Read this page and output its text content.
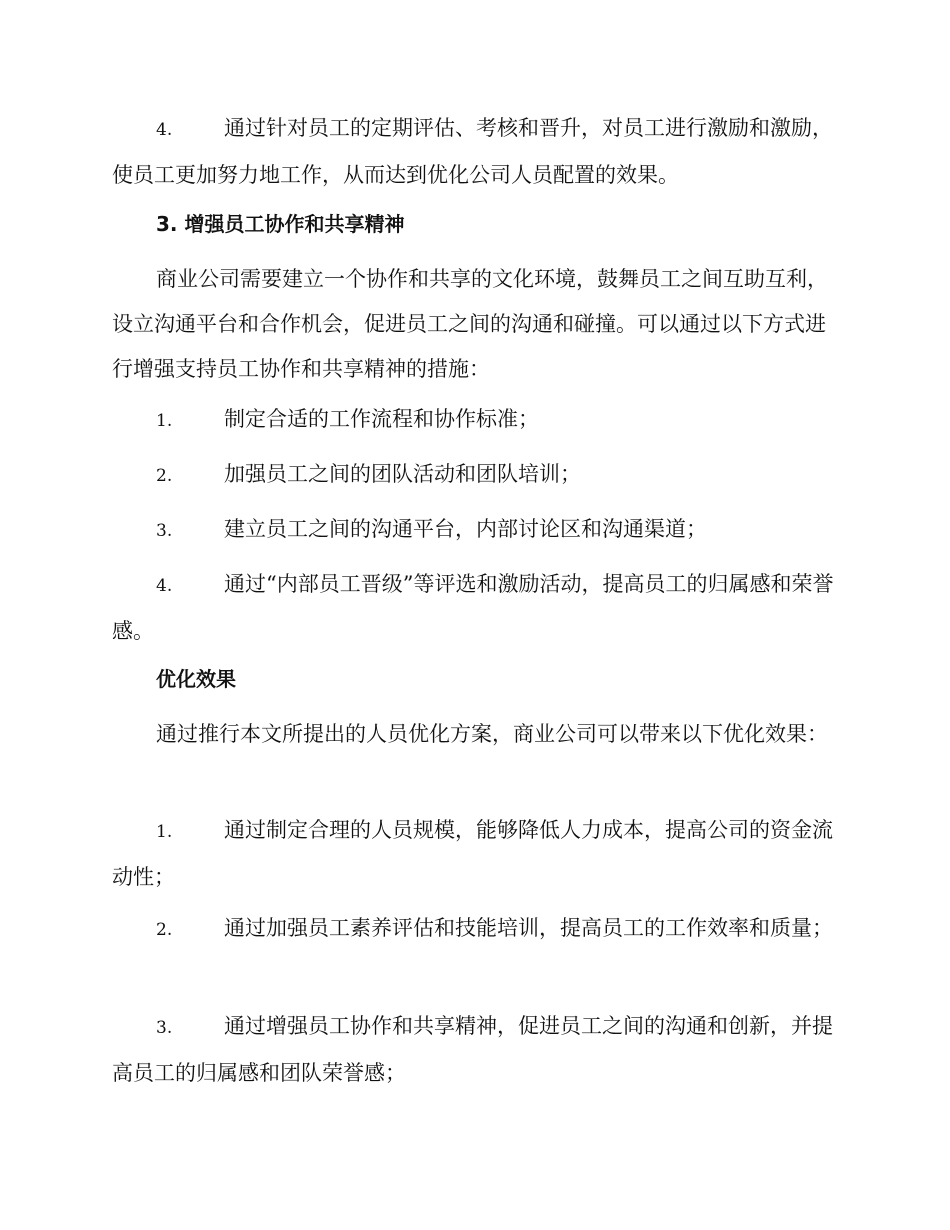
4. 通过针对员工的定期评估、考核和晋升，对员工进行激励和激励，使员工更加努力地工作，从而达到优化公司人员配置的效果。
3. 增强员工协作和共享精神
商业公司需要建立一个协作和共享的文化环境，鼓舞员工之间互助互利，设立沟通平台和合作机会，促进员工之间的沟通和碰撞。可以通过以下方式进行增强支持员工协作和共享精神的措施：
1. 制定合适的工作流程和协作标准；
2. 加强员工之间的团队活动和团队培训；
3. 建立员工之间的沟通平台，内部讨论区和沟通渠道；
4. 通过“内部员工晋级”等评选和激励活动，提高员工的归属感和荣誉感。
优化效果
通过推行本文所提出的人员优化方案，商业公司可以带来以下优化效果：
1. 通过制定合理的人员规模，能够降低人力成本，提高公司的资金流动性；
2. 通过加强员工素养评估和技能培训，提高员工的工作效率和质量；
3. 通过增强员工协作和共享精神，促进员工之间的沟通和创新，并提高员工的归属感和团队荣誉感；
